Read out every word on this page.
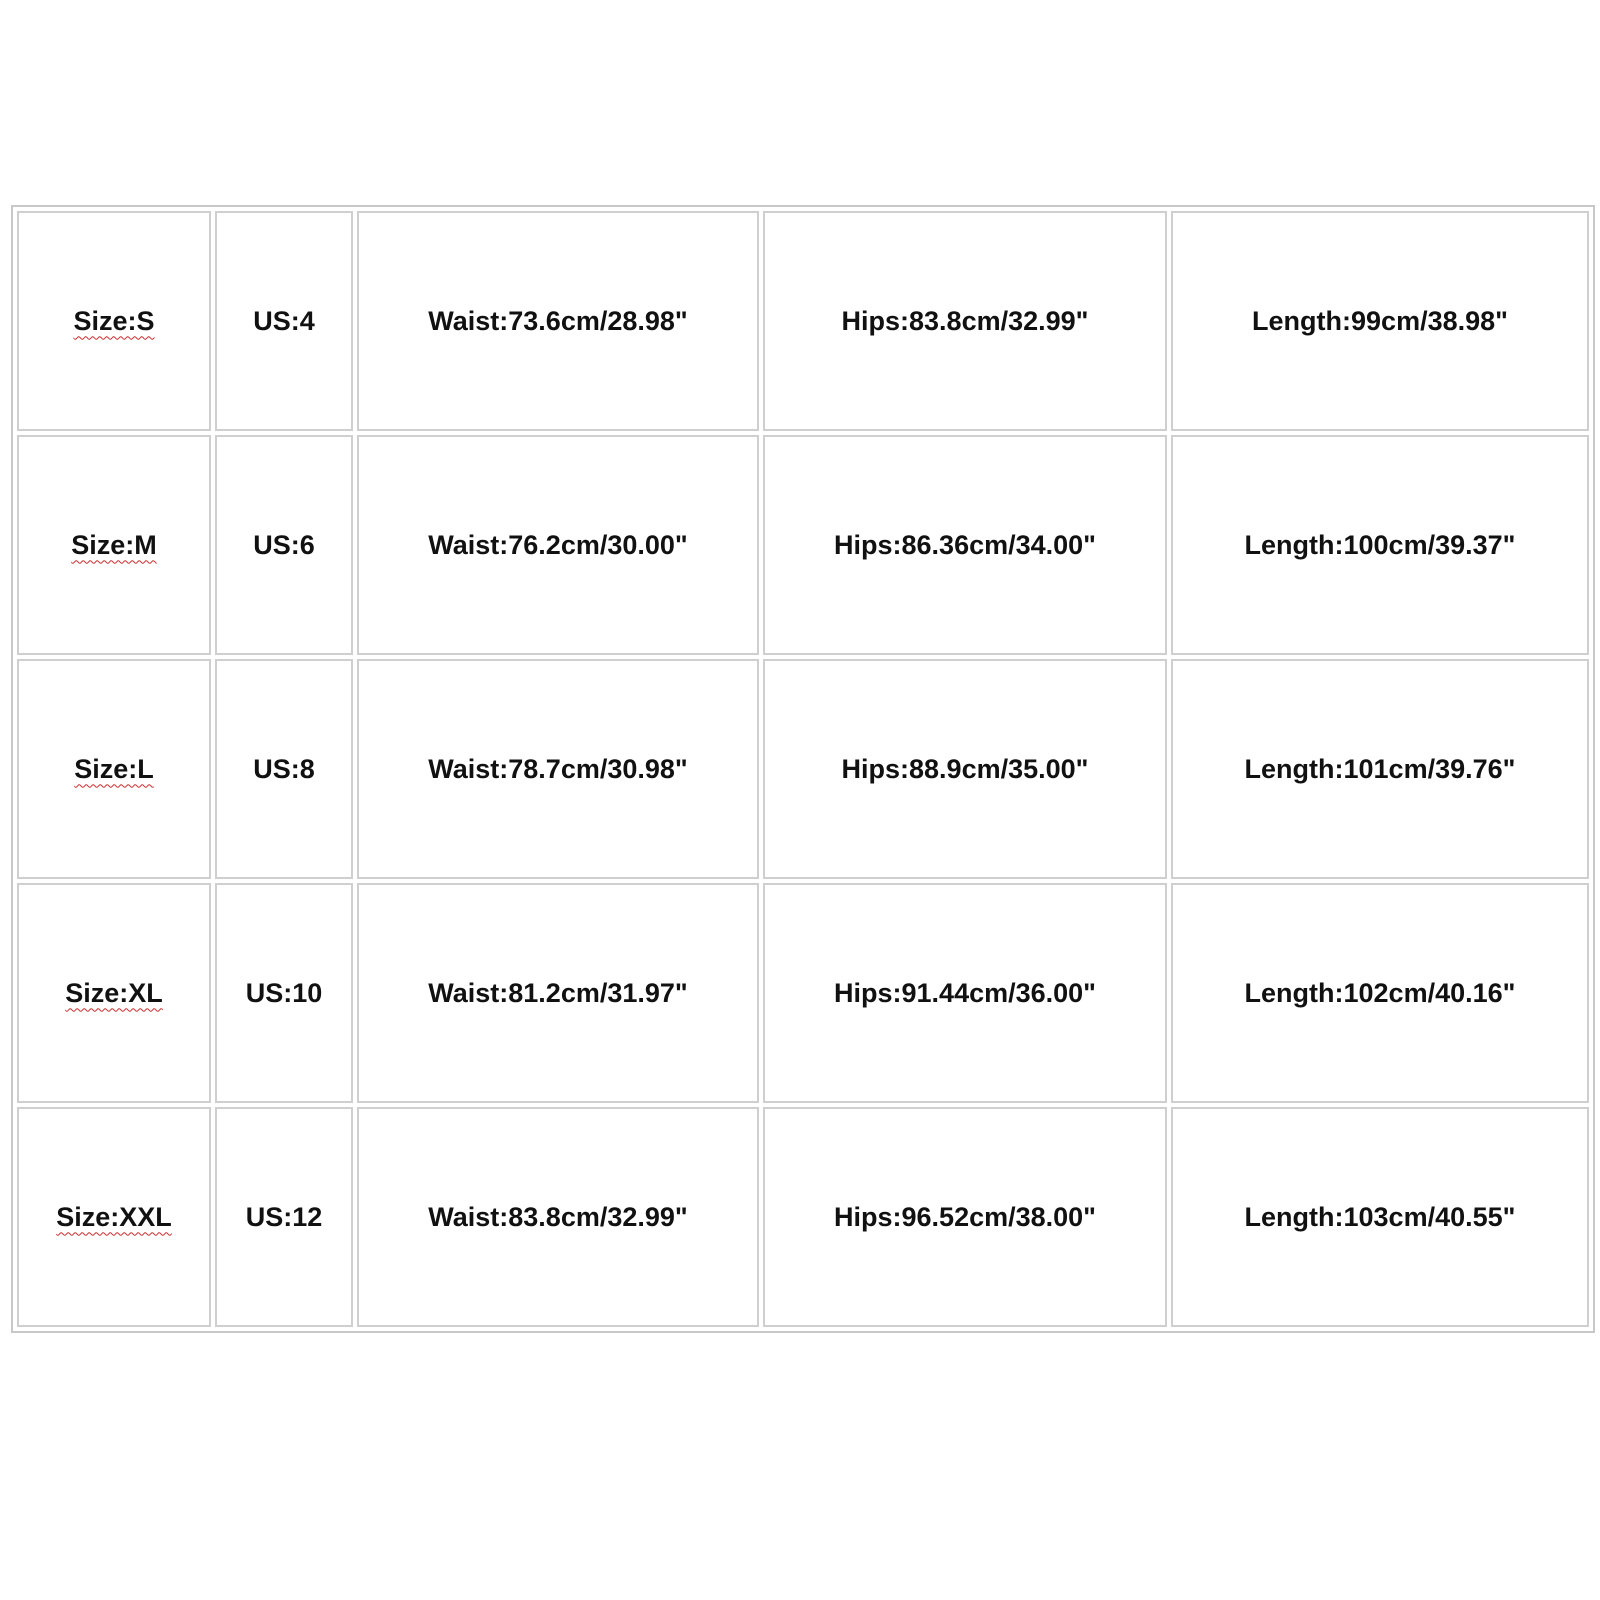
Size:S	US:4	Waist:73.6cm/28.98"	Hips:83.8cm/32.99"	Length:99cm/38.98"
Size:M	US:6	Waist:76.2cm/30.00"	Hips:86.36cm/34.00"	Length:100cm/39.37"
Size:L	US:8	Waist:78.7cm/30.98"	Hips:88.9cm/35.00"	Length:101cm/39.76"
Size:XL	US:10	Waist:81.2cm/31.97"	Hips:91.44cm/36.00"	Length:102cm/40.16"
Size:XXL	US:12	Waist:83.8cm/32.99"	Hips:96.52cm/38.00"	Length:103cm/40.55"
